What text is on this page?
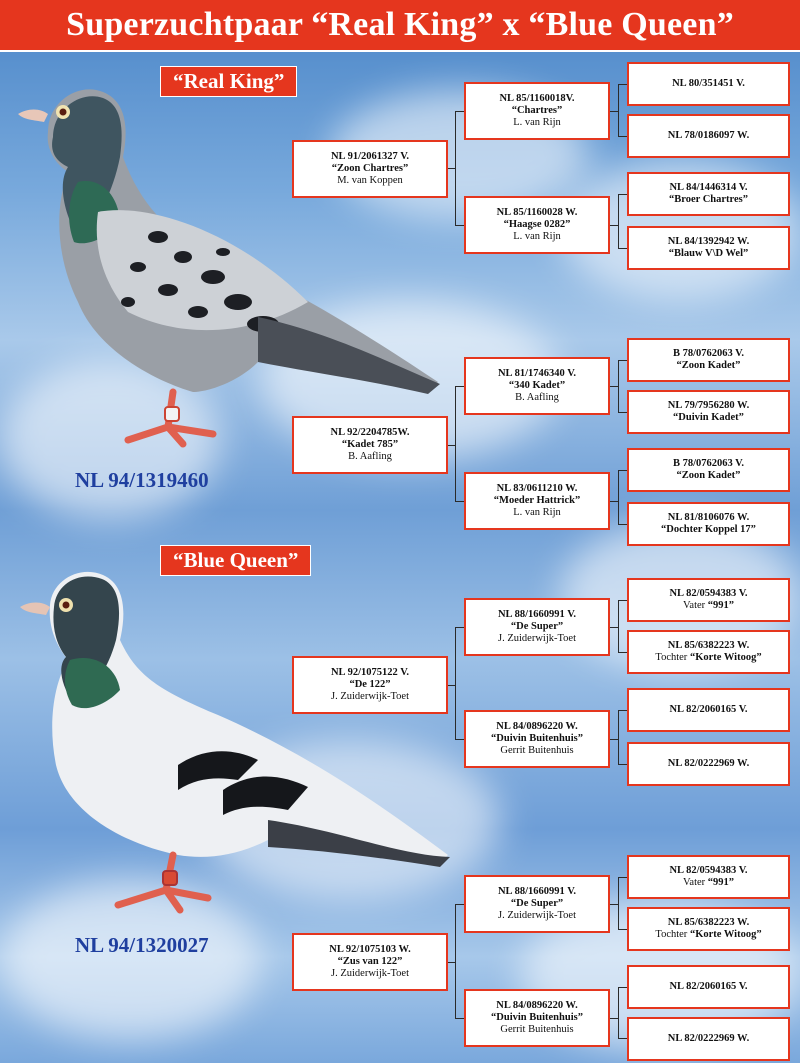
Superzuchtpaar “Real King” x “Blue Queen”
“Real King”
NL 94/1319460
“Blue Queen”
NL 94/1320027
NL 91/2061327 V.
“Zoon Chartres”
M. van Koppen
NL 92/2204785W.
“Kadet 785”
B. Aafling
NL 85/1160018V.
“Chartres”
L. van Rijn
NL 85/1160028 W.
“Haagse 0282”
L. van Rijn
NL 81/1746340 V.
“340 Kadet”
B. Aafling
NL 83/0611210 W.
“Moeder Hattrick”
L. van Rijn
NL 80/351451 V.
NL 78/0186097 W.
NL 84/1446314 V.
“Broer Chartres”
NL 84/1392942 W.
“Blauw V\D Wel”
B 78/0762063 V.
“Zoon Kadet”
NL 79/7956280 W.
“Duivin Kadet”
B 78/0762063 V.
“Zoon Kadet”
NL 81/8106076 W.
“Dochter Koppel 17”
NL 92/1075122 V.
“De 122”
J. Zuiderwijk-Toet
NL 92/1075103 W.
“Zus van 122”
J. Zuiderwijk-Toet
NL 88/1660991 V.
“De Super”
J. Zuiderwijk-Toet
NL 84/0896220 W.
“Duivin Buitenhuis”
Gerrit Buitenhuis
NL 88/1660991 V.
“De Super”
J. Zuiderwijk-Toet
NL 84/0896220 W.
“Duivin Buitenhuis”
Gerrit Buitenhuis
NL 82/0594383 V.
Vater “991”
NL 85/6382223 W.
Tochter “Korte Witoog”
NL 82/2060165 V.
NL 82/0222969 W.
NL 82/0594383 V.
Vater “991”
NL 85/6382223 W.
Tochter “Korte Witoog”
NL 82/2060165 V.
NL 82/0222969 W.
